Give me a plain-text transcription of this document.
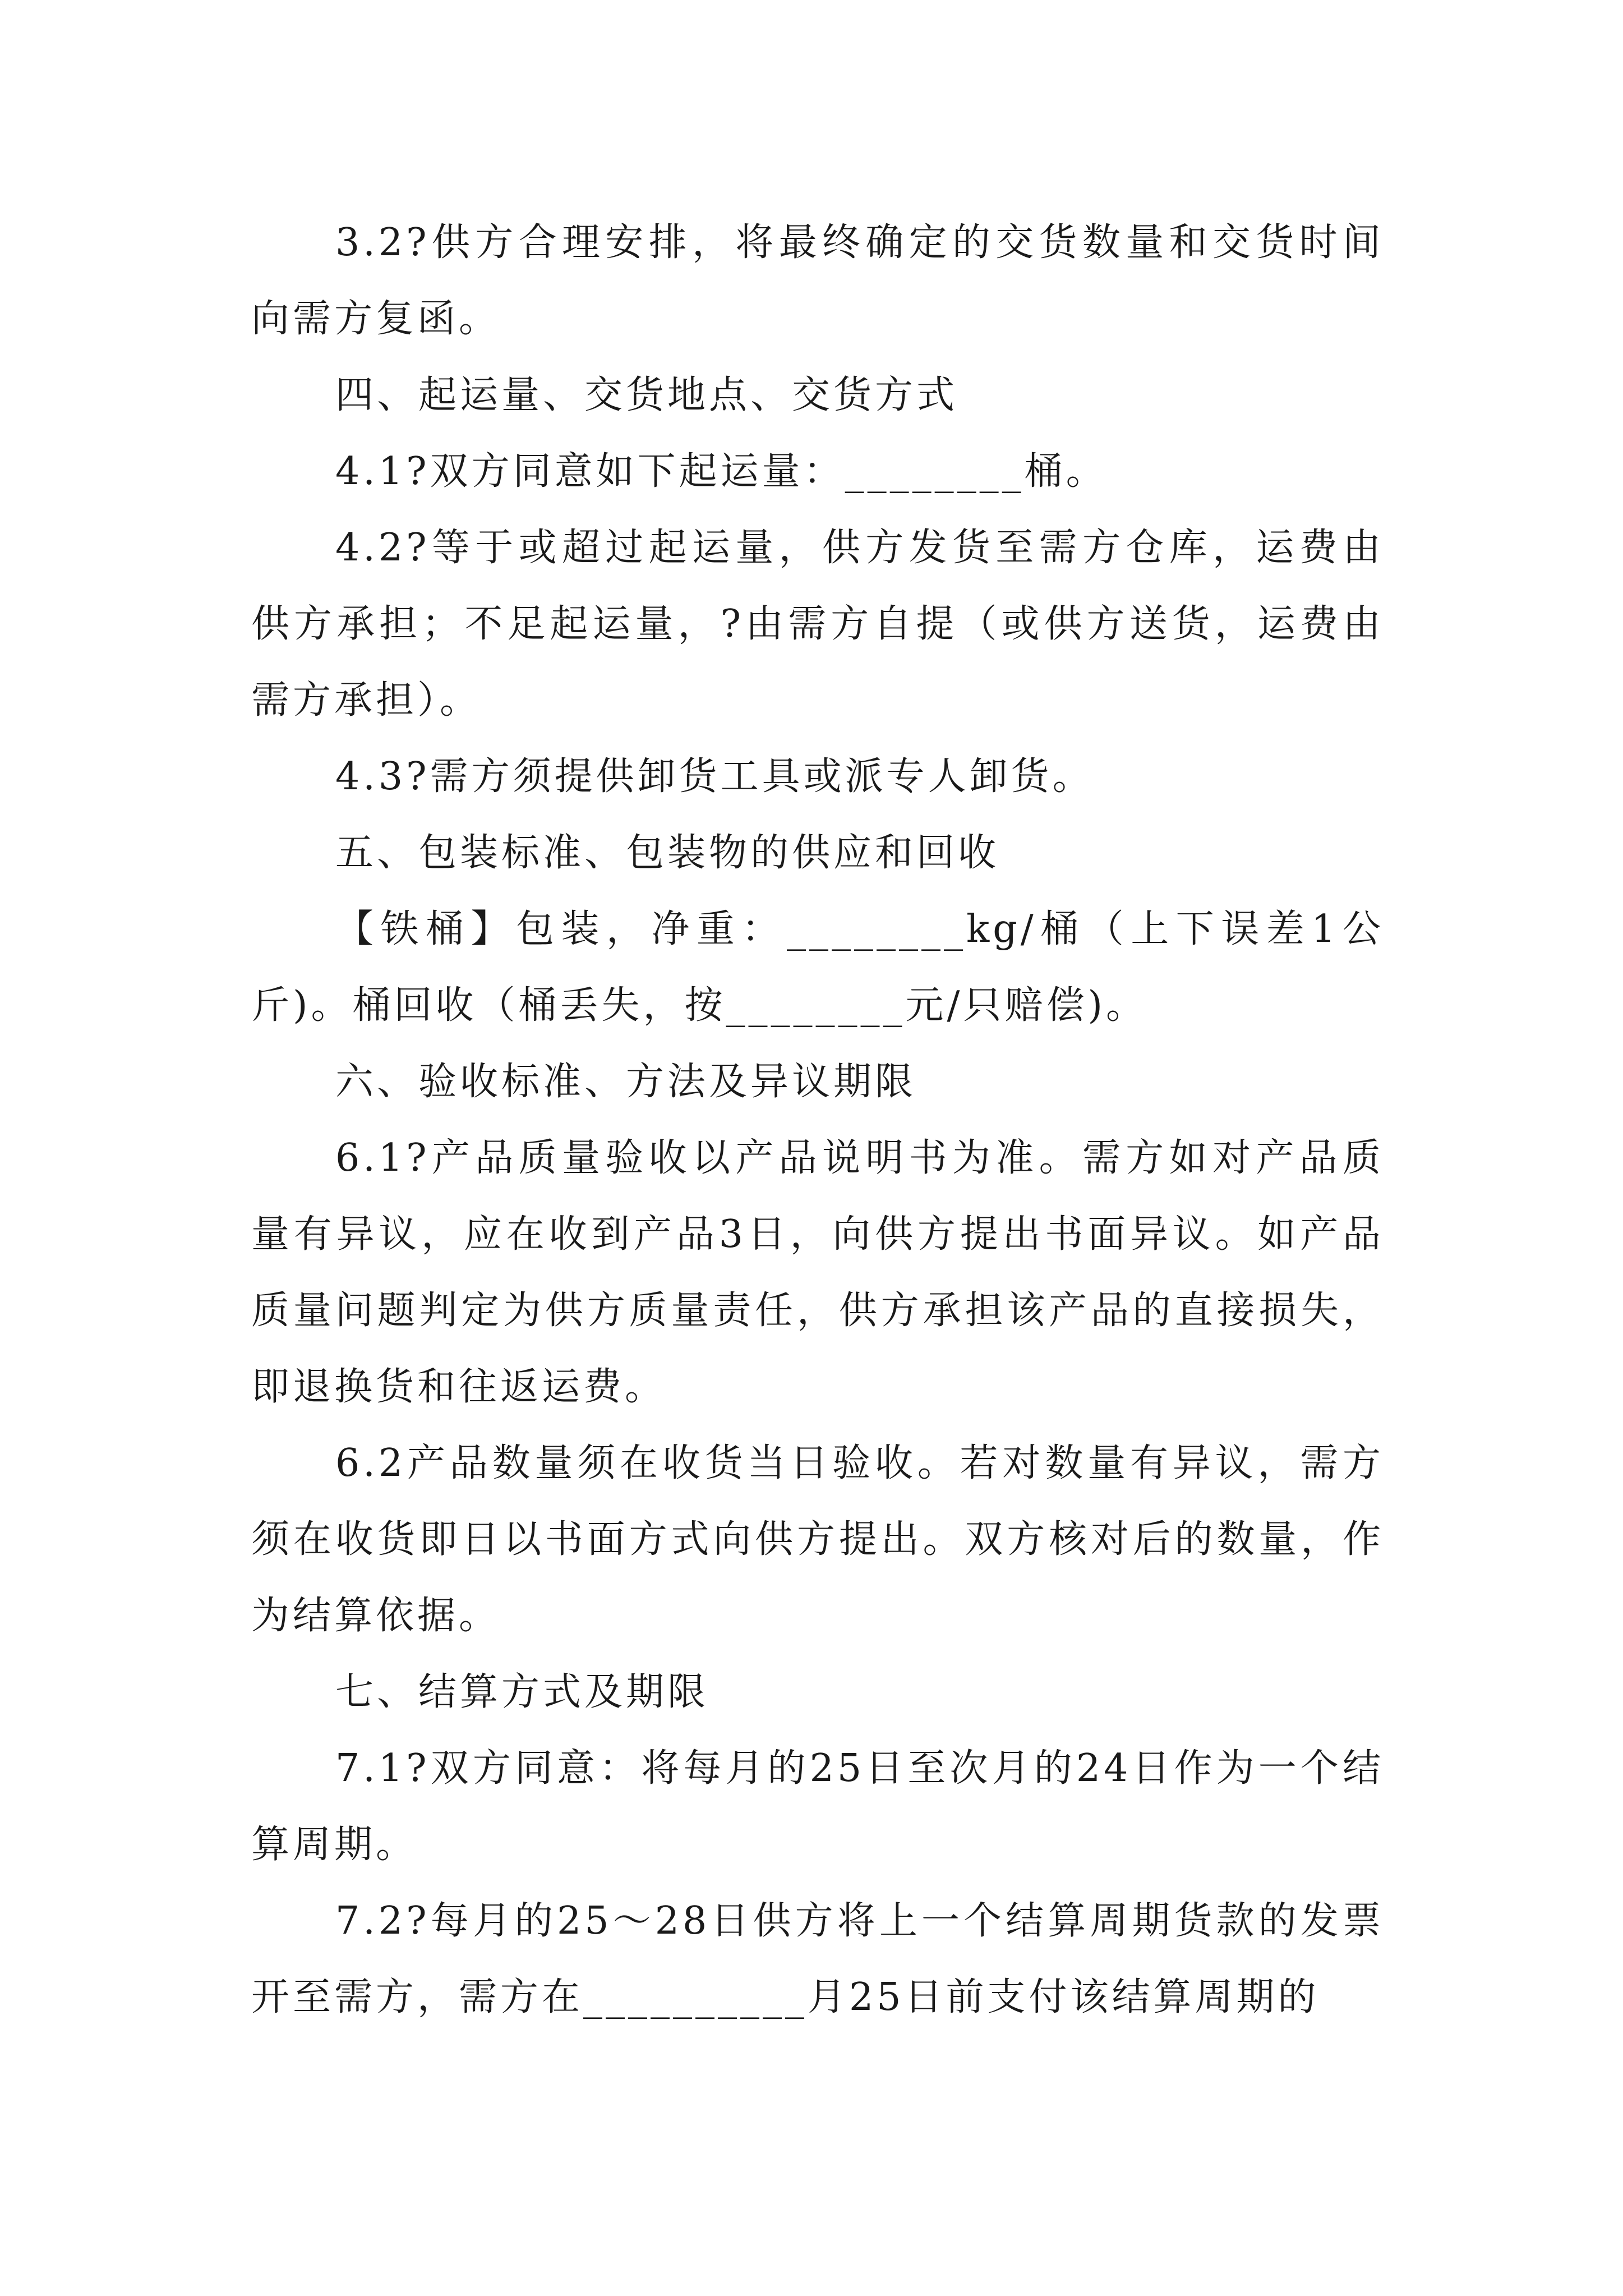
3.2?供方合理安排，将最终确定的交货数量和交货时间向需方复函。

四、起运量、交货地点、交货方式

4.1?双方同意如下起运量：________桶。

4.2?等于或超过起运量，供方发货至需方仓库，运费由供方承担；不足起运量，?由需方自提（或供方送货，运费由需方承担）。

4.3?需方须提供卸货工具或派专人卸货。

五、包装标准、包装物的供应和回收

【铁桶】包装，净重：________kg/桶（上下误差1公斤)。桶回收（桶丢失，按________元/只赔偿)。

六、验收标准、方法及异议期限

6.1?产品质量验收以产品说明书为准。需方如对产品质量有异议，应在收到产品3日，向供方提出书面异议。如产品质量问题判定为供方质量责任，供方承担该产品的直接损失，即退换货和往返运费。

6.2产品数量须在收货当日验收。若对数量有异议，需方须在收货即日以书面方式向供方提出。双方核对后的数量，作为结算依据。

七、结算方式及期限

7.1?双方同意：将每月的25日至次月的24日作为一个结算周期。

7.2?每月的25～28日供方将上一个结算周期货款的发票开至需方，需方在__________月25日前支付该结算周期的
